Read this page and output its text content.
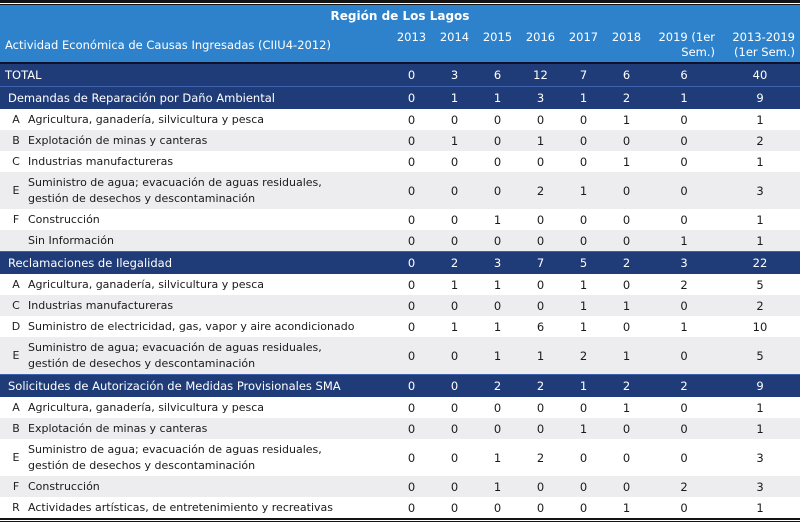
Región de Los Lagos
Actividad Económica de Causas Ingresadas (CIIU4-2012)
2013	2014	2015	2016	2017	2018	2019 (1er
Sem.)
2013-2019
(1er Sem.)
TOTAL	0	3	6	12	7	6	6	40
Demandas de Reparación por Daño Ambiental	0	1	1	3	1	2	1	9
A Agricultura, ganadería, silvicultura y pesca	0	0	0	0	0	1	0	1
B Explotación de minas y canteras	0	1	0	1	0	0	0	2
C Industrias manufactureras	0	0	0	0	0	1	0	1
E
Suministro de agua; evacuación de aguas residuales, gestión de desechos y descontaminación
0	0	0	2	1	0	0	3
F Construcción	0	0	1	0	0	0	0	1
Sin Información	0	0	0	0	0	0	1	1
Reclamaciones de Ilegalidad	0	2	3	7	5	2	3	22
A Agricultura, ganadería, silvicultura y pesca	0	1	1	0	1	0	2	5
C Industrias manufactureras	0	0	0	0	1	1	0	2
D Suministro de electricidad, gas, vapor y aire acondicionado	0	1	1	6	1	0	1	10
E
Suministro de agua; evacuación de aguas residuales, gestión de desechos y descontaminación
0	0	1	1	2	1	0	5
Solicitudes de Autorización de Medidas Provisionales SMA	0	0	2	2	1	2	2	9
A Agricultura, ganadería, silvicultura y pesca	0	0	0	0	0	1	0	1
B Explotación de minas y canteras	0	0	0	0	1	0	0	1
E
Suministro de agua; evacuación de aguas residuales, gestión de desechos y descontaminación
0	0	1	2	0	0	0	3
F Construcción	0	0	1	0	0	0	2	3
R Actividades artísticas, de entretenimiento y recreativas	0	0	0	0	0	1	0	1
